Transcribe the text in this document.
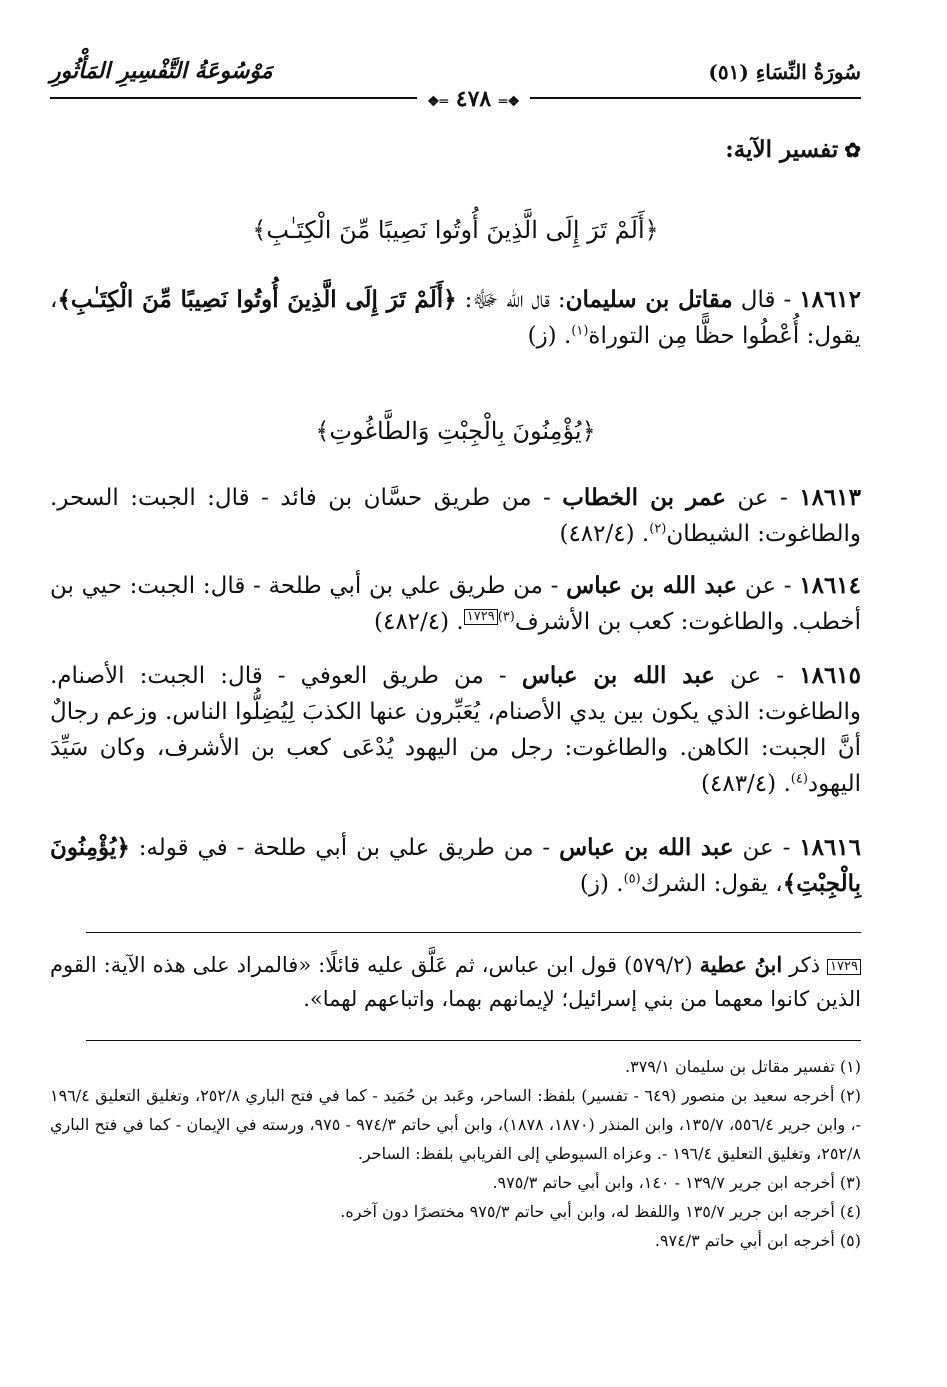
سُورَةُ النِّسَاءِ (٥١)
مَوْسُوعَةُ التَّفْسِيرِ المَأْثُورِ
❖═ ٤٧٨ ═❖
✿تفسير الآية:
﴿أَلَمْ تَرَ إِلَى الَّذِينَ أُوتُوا نَصِيبًا مِّنَ الْكِتَـٰبِ﴾
١٨٦١٢ - قال مقاتل بن سليمان: قال الله ﷻ: ﴿أَلَمْ تَرَ إِلَى الَّذِينَ أُوتُوا نَصِيبًا مِّنَ الْكِتَـٰبِ﴾، يقول: أُعْطُوا حظًّا مِن التوراة$^{(١)}$. (ز)
﴿يُؤْمِنُونَ بِالْجِبْتِ وَالطَّاغُوتِ﴾
١٨٦١٣ - عن عمر بن الخطاب - من طريق حسَّان بن فائد - قال: الجبت: السحر. والطاغوت: الشيطان$^{(٢)}$. (٤٨٢/٤)
١٨٦١٤ - عن عبد الله بن عباس - من طريق علي بن أبي طلحة - قال: الجبت: حيي بن أخطب. والطاغوت: كعب بن الأشرف$^{(٣)}$١٧٢٩. (٤٨٢/٤)
١٨٦١٥ - عن عبد الله بن عباس - من طريق العوفي - قال: الجبت: الأصنام. والطاغوت: الذي يكون بين يدي الأصنام، يُعَبِّرون عنها الكذبَ لِيُضِلُّوا الناس. وزعم رجالٌ أنَّ الجبت: الكاهن. والطاغوت: رجل من اليهود يُدْعَى كعب بن الأشرف، وكان سَيِّدَ اليهود$^{(٤)}$. (٤٨٣/٤)
١٨٦١٦ - عن عبد الله بن عباس - من طريق علي بن أبي طلحة - في قوله: ﴿يُؤْمِنُونَ بِالْجِبْتِ﴾، يقول: الشرك$^{(٥)}$. (ز)
١٧٢٩ ذكر ابنُ عطية (٥٧٩/٢) قول ابن عباس، ثم عَلَّق عليه قائلًا: «فالمراد على هذه الآية: القوم الذين كانوا معهما من بني إسرائيل؛ لإيمانهم بهما، واتباعهم لهما».

(١) تفسير مقاتل بن سليمان ٣٧٩/١.

(٢) أخرجه سعيد بن منصور (٦٤٩ - تفسير) بلفظ: الساحر، وعَبد بن حُمَيد - كما في فتح الباري ٢٥٢/٨، وتغليق التعليق ١٩٦/٤ -، وابن جرير ٥٥٦/٤، ١٣٥/٧، وابن المنذر (١٨٧٠، ١٨٧٨)، وابن أبي حاتم ٩٧٤/٣ - ٩٧٥، ورسته في الإيمان - كما في فتح الباري ٢٥٢/٨، وتغليق التعليق ١٩٦/٤ -. وعزاه السيوطي إلى الفريابي بلفظ: الساحر.

(٣) أخرجه ابن جرير ١٣٩/٧ - ١٤٠، وابن أبي حاتم ٩٧٥/٣.

(٤) أخرجه ابن جرير ١٣٥/٧ واللفظ له، وابن أبي حاتم ٩٧٥/٣ مختصرًا دون آخره.

(٥) أخرجه ابن أبي حاتم ٩٧٤/٣.
